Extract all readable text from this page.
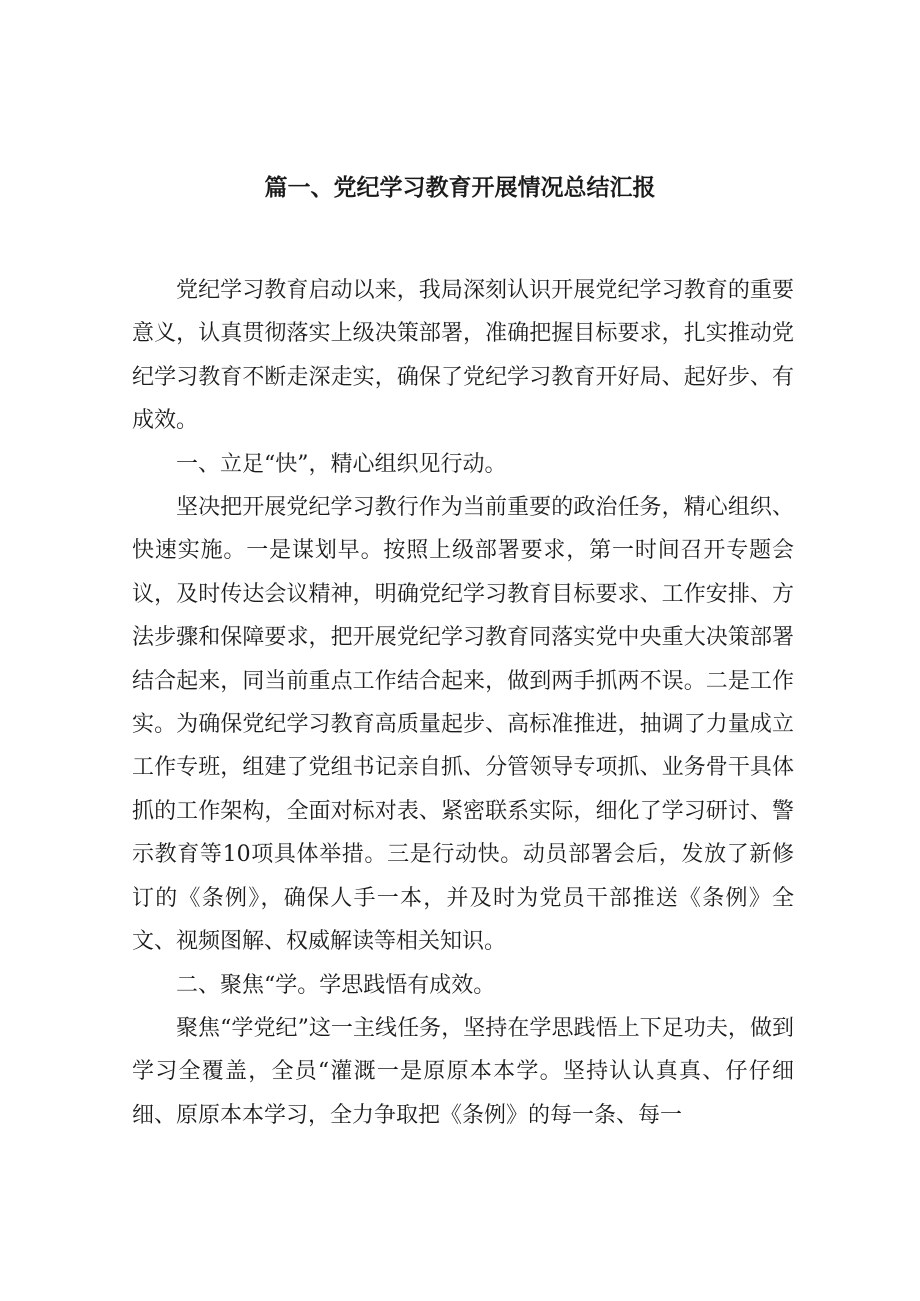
篇一、党纪学习教育开展情况总结汇报

党纪学习教育启动以来，我局深刻认识开展党纪学习教育的重要意义，认真贯彻落实上级决策部署，准确把握目标要求，扎实推动党纪学习教育不断走深走实，确保了党纪学习教育开好局、起好步、有成效。

一、立足“快”，精心组织见行动。

坚决把开展党纪学习教行作为当前重要的政治任务，精心组织、快速实施。一是谋划早。按照上级部署要求，第一时间召开专题会议，及时传达会议精神，明确党纪学习教育目标要求、工作安排、方法步骤和保障要求，把开展党纪学习教育同落实党中央重大决策部署结合起来，同当前重点工作结合起来，做到两手抓两不误。二是工作实。为确保党纪学习教育高质量起步、高标准推进，抽调了力量成立工作专班，组建了党组书记亲自抓、分管领导专项抓、业务骨干具体抓的工作架构，全面对标对表、紧密联系实际，细化了学习研讨、警示教育等10项具体举措。三是行动快。动员部署会后，发放了新修订的《条例》，确保人手一本，并及时为党员干部推送《条例》全文、视频图解、权威解读等相关知识。

二、聚焦“学。学思践悟有成效。

聚焦“学党纪”这一主线任务，坚持在学思践悟上下足功夫，做到学习全覆盖，全员“灌溉一是原原本本学。坚持认认真真、仔仔细细、原原本本学习，全力争取把《条例》的每一条、每一
